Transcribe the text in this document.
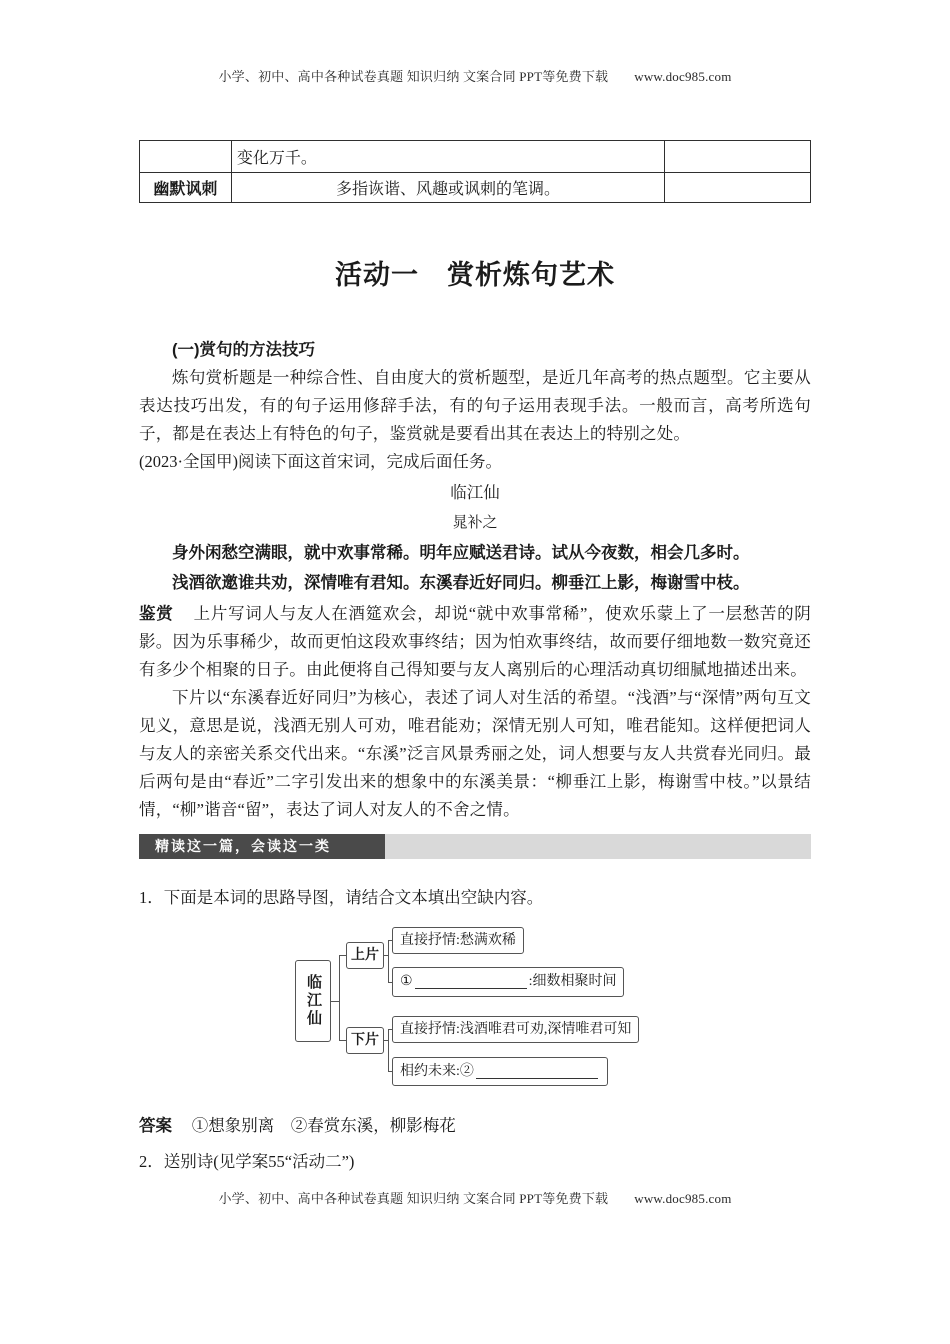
小学、初中、高中各种试卷真题 知识归纳 文案合同 PPT等免费下载 www.doc985.com
	变化万千。	
幽默讽刺	多指诙谐、风趣或讽刺的笔调。	
活动一　赏析炼句艺术
(一)赏句的方法技巧

炼句赏析题是一种综合性、自由度大的赏析题型，是近几年高考的热点题型。它主要从表达技巧出发，有的句子运用修辞手法，有的句子运用表现手法。一般而言，高考所选句子，都是在表达上有特色的句子，鉴赏就是要看出其在表达上的特别之处。

(2023·全国甲)阅读下面这首宋词，完成后面任务。

临江仙
晁补之
身外闲愁空满眼，就中欢事常稀。明年应赋送君诗。试从今夜数，相会几多时。
浅酒欲邀谁共劝，深情唯有君知。东溪春近好同归。柳垂江上影，梅谢雪中枝。

鉴赏 上片写词人与友人在酒筵欢会，却说“就中欢事常稀”，使欢乐蒙上了一层愁苦的阴影。因为乐事稀少，故而更怕这段欢事终结；因为怕欢事终结，故而要仔细地数一数究竟还有多少个相聚的日子。由此便将自己得知要与友人离别后的心理活动真切细腻地描述出来。

下片以“东溪春近好同归”为核心，表述了词人对生活的希望。“浅酒”与“深情”两句互文见义，意思是说，浅酒无别人可劝，唯君能劝；深情无别人可知，唯君能知。这样便把词人与友人的亲密关系交代出来。“东溪”泛言风景秀丽之处，词人想要与友人共赏春光同归。最后两句是由“春近”二字引发出来的想象中的东溪美景：“柳垂江上影，梅谢雪中枝。”以景结情，“柳”谐音“留”，表达了词人对友人的不舍之情。

精读这一篇，会读这一类
1．下面是本词的思路导图，请结合文本填出空缺内容。
临江仙
上片
下片
直接抒情:愁满欢稀
①	:细数相聚时间
直接抒情:浅酒唯君可劝,深情唯君可知
相约未来:②
答案 ①想象别离　②春赏东溪，柳影梅花
2．送别诗(见学案55“活动二”)
小学、初中、高中各种试卷真题 知识归纳 文案合同 PPT等免费下载 www.doc985.com
